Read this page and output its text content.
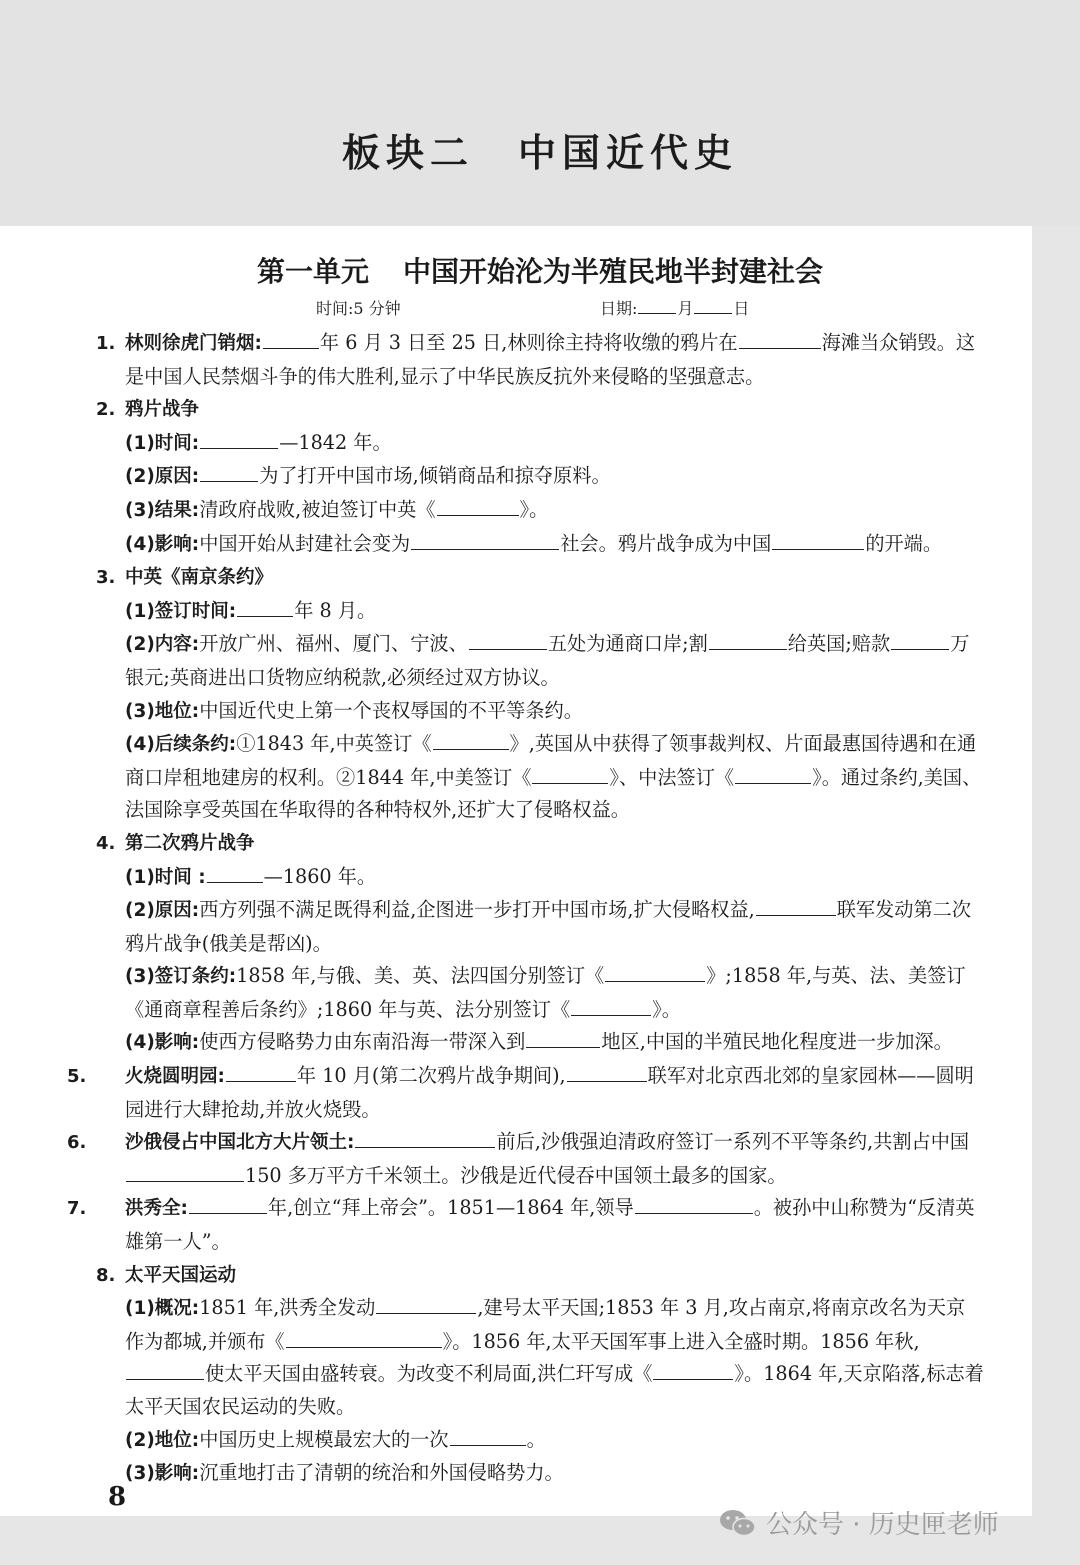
板块二 中国近代史
第一单元 中国开始沦为半殖民地半封建社会
时间:5 分钟	日期:	月	日

1. 林则徐虎门销烟:	年 6 月 3 日至 25 日,林则徐主持将收缴的鸦片在	海滩当众销毁。这是中国人民禁烟斗争的伟大胜利,显示了中华民族反抗外来侵略的坚强意志。

2. 鸦片战争

(1)时间:	—1842 年。

(2)原因:	为了打开中国市场,倾销商品和掠夺原料。

(3)结果:清政府战败,被迫签订中英《	》。

(4)影响:中国开始从封建社会变为	社会。鸦片战争成为中国	的开端。

3. 中英《南京条约》

(1)签订时间:	年 8 月。

(2)内容:开放广州、福州、厦门、宁波、	五处为通商口岸;割	给英国;赔款	万银元;英商进出口货物应纳税款,必须经过双方协议。

(3)地位:中国近代史上第一个丧权辱国的不平等条约。

(4)后续条约:①1843 年,中英签订《	》,英国从中获得了领事裁判权、片面最惠国待遇和在通商口岸租地建房的权利。②1844 年,中美签订《	》、中法签订《	》。通过条约,美国、法国除享受英国在华取得的各种特权外,还扩大了侵略权益。

4. 第二次鸦片战争

(1)时间 :	—1860 年。

(2)原因:西方列强不满足既得利益,企图进一步打开中国市场,扩大侵略权益,	联军发动第二次鸦片战争(俄美是帮凶)。

(3)签订条约:1858 年,与俄、美、英、法四国分别签订《	》;1858 年,与英、法、美签订《通商章程善后条约》;1860 年与英、法分别签订《	》。

(4)影响:使西方侵略势力由东南沿海一带深入到	地区,中国的半殖民地化程度进一步加深。

5. 火烧圆明园:	年 10 月(第二次鸦片战争期间),	联军对北京西北郊的皇家园林——圆明园进行大肆抢劫,并放火烧毁。

6. 沙俄侵占中国北方大片领土:	前后,沙俄强迫清政府签订一系列不平等条约,共割占中国150 多万平方千米领土。沙俄是近代侵吞中国领土最多的国家。

7. 洪秀全:	年,创立“拜上帝会”。1851—1864 年,领导	。被孙中山称赞为“反清英雄第一人”。

8. 太平天国运动

(1)概况:1851 年,洪秀全发动	,建号太平天国;1853 年 3 月,攻占南京,将南京改名为天京作为都城,并颁布《	》。1856 年,太平天国军事上进入全盛时期。1856 年秋,使太平天国由盛转衰。为改变不利局面,洪仁玕写成《	》。1864 年,天京陷落,标志着太平天国农民运动的失败。

(2)地位:中国历史上规模最宏大的一次	。

(3)影响:沉重地打击了清朝的统治和外国侵略势力。

8
公众号 · 历史匣老师
